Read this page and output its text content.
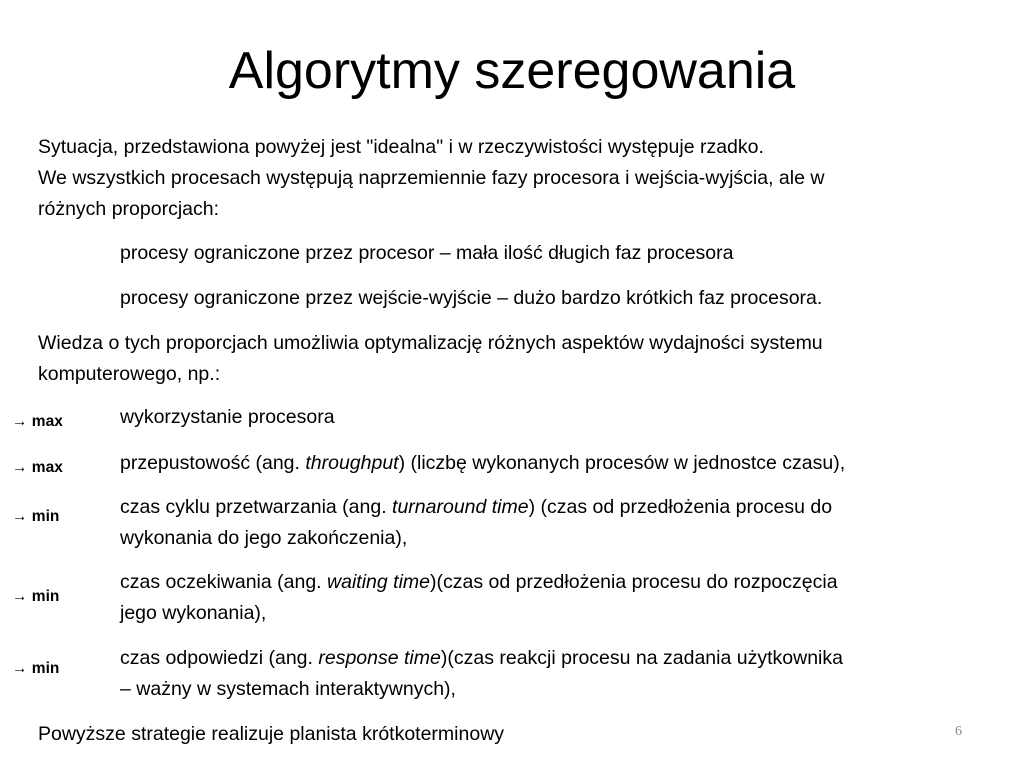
Algorytmy szeregowania

Sytuacja, przedstawiona powyżej jest "idealna" i w rzeczywistości występuje rzadko.

We wszystkich procesach występują naprzemiennie fazy procesora i wejścia-wyjścia, ale w

różnych proporcjach:

procesy ograniczone przez procesor – mała ilość długich faz procesora

procesy ograniczone przez wejście-wyjście – dużo bardzo krótkich faz procesora.

Wiedza o tych proporcjach umożliwia optymalizację różnych aspektów wydajności systemu

komputerowego, np.:

→ max	wykorzystanie procesora

→ max	przepustowość (ang. throughput) (liczbę wykonanych procesów w jednostce czasu),

→ min	czas cyklu przetwarzania (ang. turnaround time) (czas od przedłożenia procesu do

wykonania do jego zakończenia),

→ min

czas oczekiwania (ang. waiting time)(czas od przedłożenia procesu do rozpoczęcia

jego wykonania),

→ min	czas odpowiedzi (ang. response time)(czas reakcji procesu na zadania użytkownika

– ważny w systemach interaktywnych),

Powyższe strategie realizuje planista krótkoterminowy	6
